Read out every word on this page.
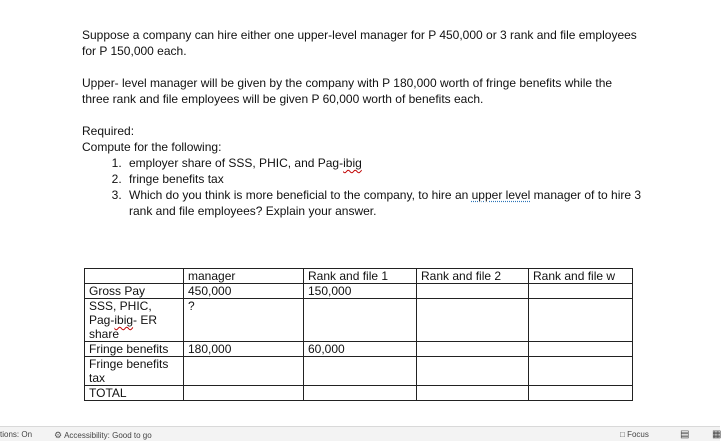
Suppose a company can hire either one upper-level manager for P 450,000 or 3 rank and file employees for P 150,000 each.

Upper- level manager will be given by the company with P 180,000 worth of fringe benefits while the three rank and file employees will be given P 60,000 worth of benefits each.

Required:

Compute for the following:

1. employer share of SSS, PHIC, and Pag-ibig
2. fringe benefits tax
3. Which do you think is more beneficial to the company, to hire an upper level manager of to hire 3 rank and file employees? Explain your answer.
	manager	Rank and file 1	Rank and file 2	Rank and file w
Gross Pay	450,000	150,000		
SSS, PHIC,
Pag-ibig- ER
share	?			
Fringe benefits	180,000	60,000		
Fringe benefits
tax				
TOTAL				
tions: On ⚙ Accessibility: Good to go	□ Focus	▤ ▦
